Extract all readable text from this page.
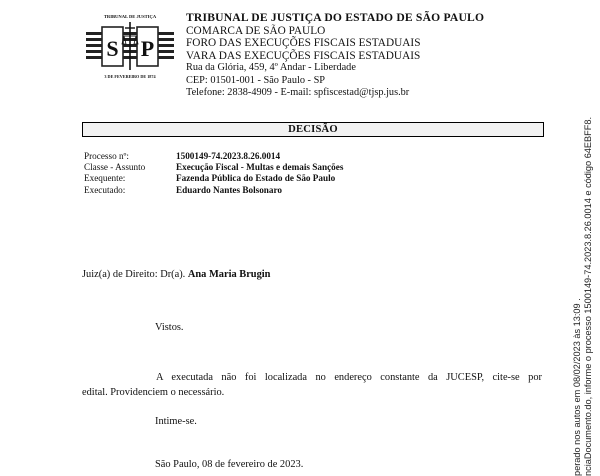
TRIBUNAL DE JUSTIÇA
S P
3 DE FEVEREIRO DE 1874
TRIBUNAL DE JUSTIÇA DO ESTADO DE SÃO PAULO
COMARCA DE SÃO PAULO
FORO DAS EXECUÇÕES FISCAIS ESTADUAIS
VARA DAS EXECUÇÕES FISCAIS ESTADUAIS
Rua da Glória, 459, 4º Andar - Liberdade
CEP: 01501-001 - São Paulo - SP
Telefone: 2838-4909 - E-mail: spfiscestad@tjsp.jus.br
DECISÃO
Processo nº:	1500149-74.2023.8.26.0014
Classe - Assunto	Execução Fiscal - Multas e demais Sanções
Exequente:	Fazenda Pública do Estado de São Paulo
Executado:	Eduardo Nantes Bolsonaro
Juiz(a) de Direito: Dr(a). Ana Maria Brugin
Vistos.
A executada não foi localizada no endereço constante da JUCESP, cite-se por
edital. Providenciem o necessário.
Intime-se.
São Paulo, 08 de fevereiro de 2023.	perado nos autos em 08/02/2023 às 13:09 . nciaDocumento.do, informe o processo 1500149-74.2023.8.26.0014 e código 64EBFF8.
